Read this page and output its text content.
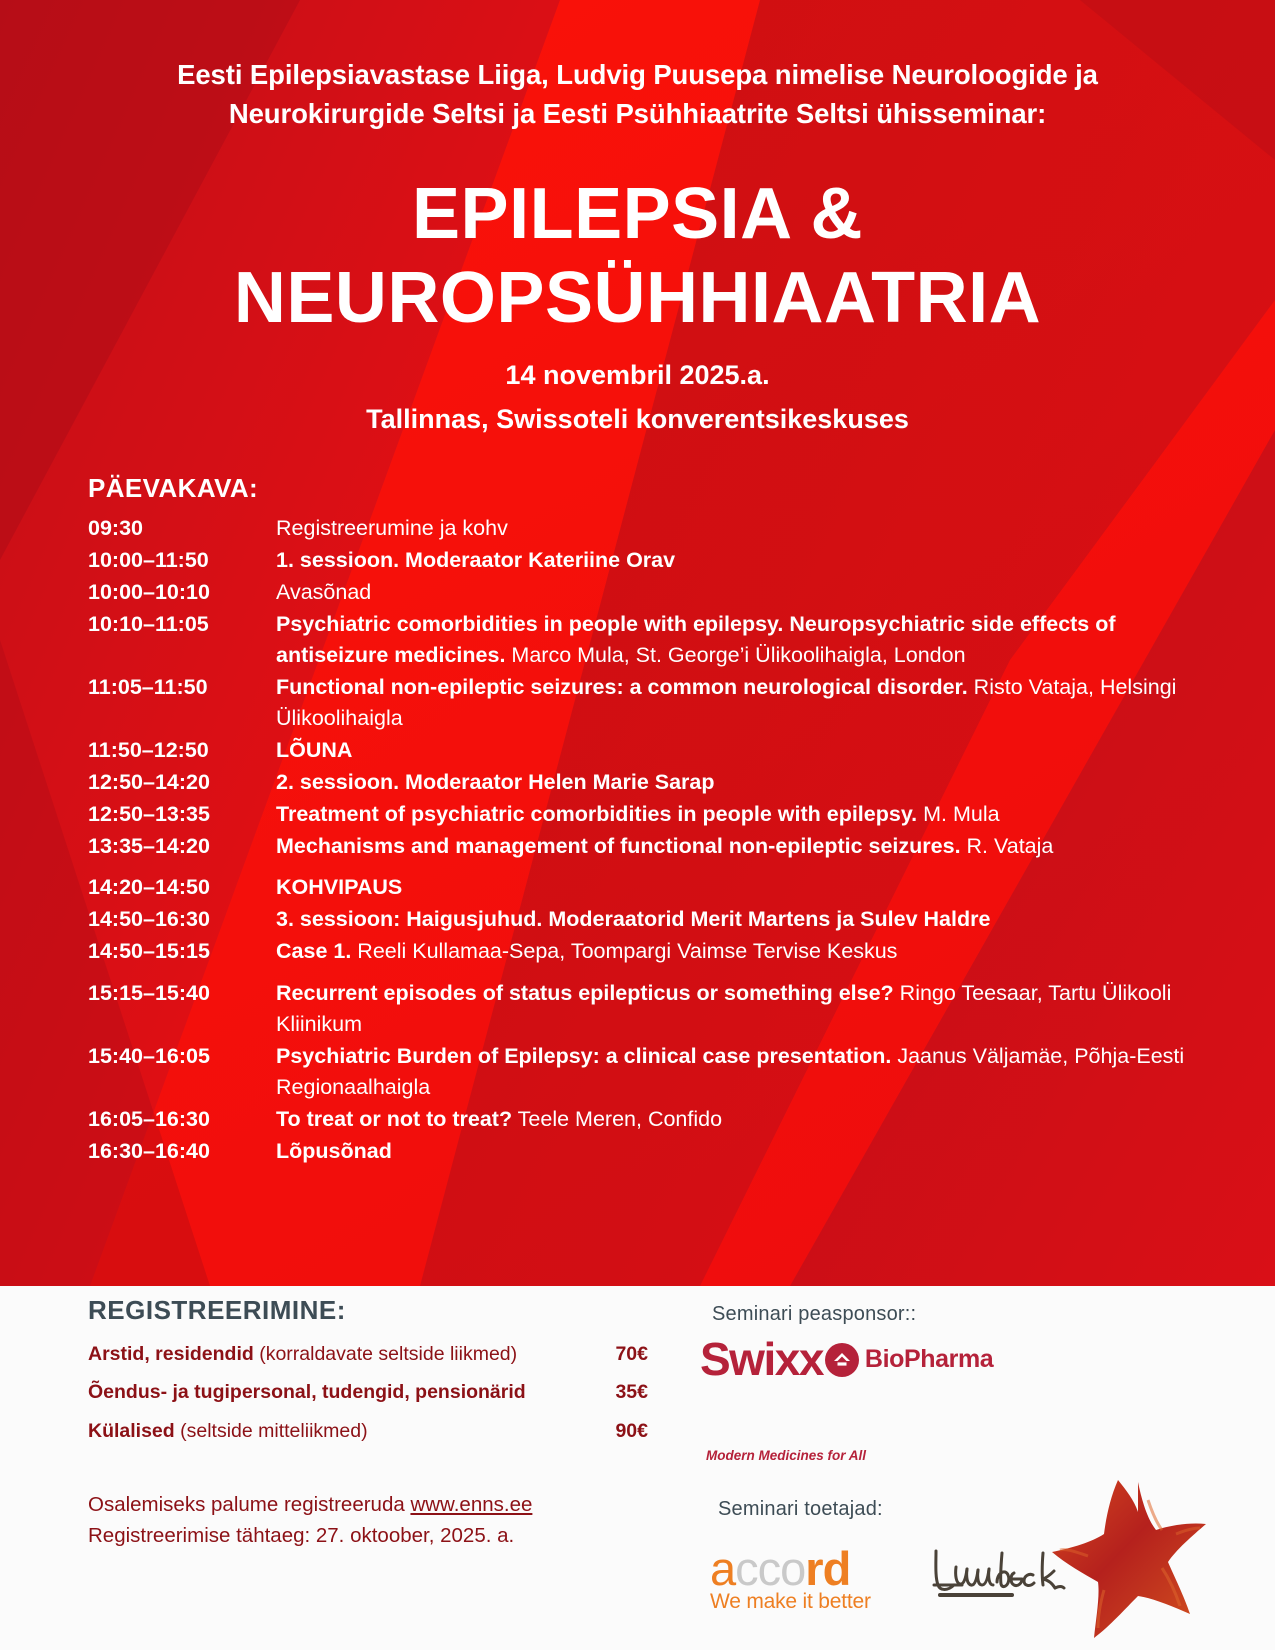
Eesti Epilepsiavastase Liiga, Ludvig Puusepa nimelise Neuroloogide ja Neurokirurgide Seltsi ja Eesti Psühhiaatrite Seltsi ühisseminar:
EPILEPSIA &
NEUROPSÜHHIAATRIA
14 novembril 2025.a.
Tallinnas, Swissoteli konverentsikeskuses
PÄEVAKAVA:
09:30	Registreerumine ja kohv
10:00–11:50	1. sessioon. Moderaator Kateriine Orav
10:00–10:10	Avasõnad
10:10–11:05	Psychiatric comorbidities in people with epilepsy. Neuropsychiatric side effects of antiseizure medicines. Marco Mula, St. George’i Ülikoolihaigla, London
11:05–11:50	Functional non-epileptic seizures: a common neurological disorder. Risto Vataja, Helsingi Ülikoolihaigla
11:50–12:50	LÕUNA
12:50–14:20	2. sessioon. Moderaator Helen Marie Sarap
12:50–13:35	Treatment of psychiatric comorbidities in people with epilepsy. M. Mula
13:35–14:20	Mechanisms and management of functional non-epileptic seizures. R. Vataja
14:20–14:50	KOHVIPAUS
14:50–16:30	3. sessioon: Haigusjuhud. Moderaatorid Merit Martens ja Sulev Haldre
14:50–15:15	Case 1. Reeli Kullamaa-Sepa, Toompargi Vaimse Tervise Keskus
15:15–15:40	Recurrent episodes of status epilepticus or something else? Ringo Teesaar, Tartu Ülikooli Kliinikum
15:40–16:05	Psychiatric Burden of Epilepsy: a clinical case presentation. Jaanus Väljamäe, Põhja-Eesti Regionaalhaigla
16:05–16:30	To treat or not to treat? Teele Meren, Confido
16:30–16:40	Lõpusõnad
REGISTREERIMINE:
Arstid, residendid (korraldavate seltside liikmed)	70€
Õendus- ja tugipersonal, tudengid, pensionärid	35€
Külalised (seltside mitteliikmed)	90€
Osalemiseks palume registreeruda www.enns.ee
Registreerimise tähtaeg: 27. oktoober, 2025. a.
Seminari peasponsor::
Swixx BioPharma
Modern Medicines for All
Seminari toetajad:
accord
We make it better
